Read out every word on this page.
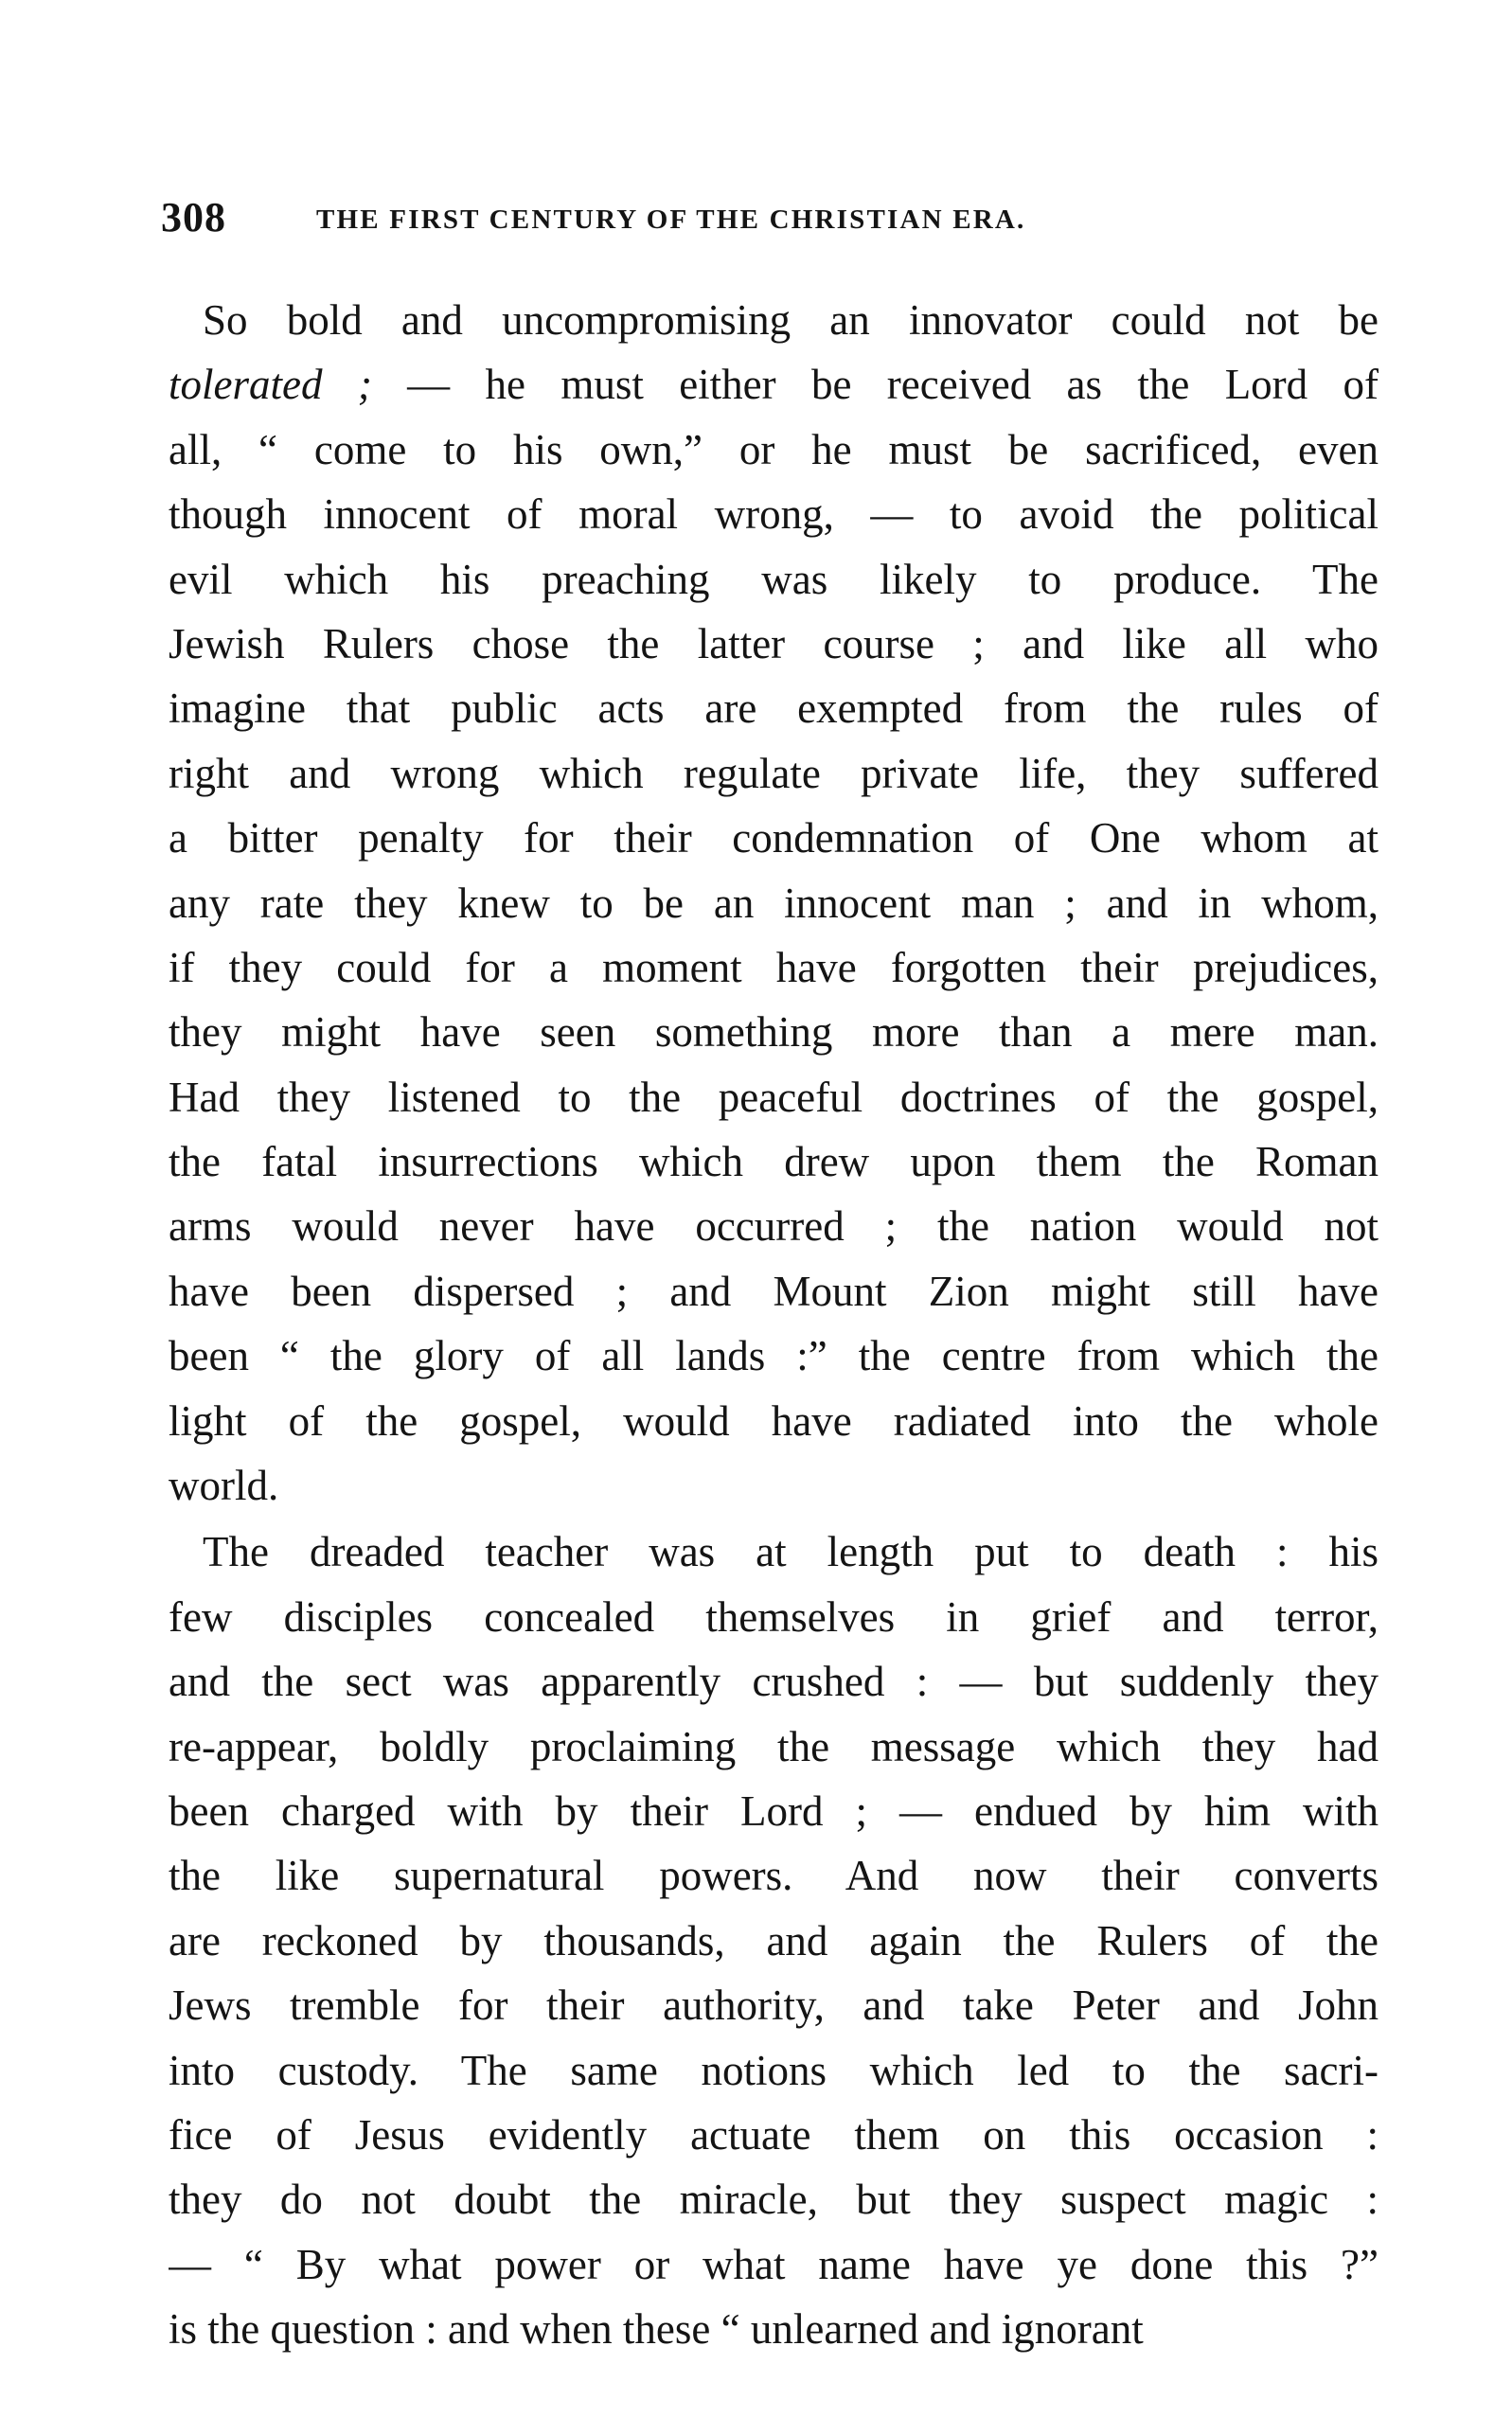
308	THE FIRST CENTURY OF THE CHRISTIAN ERA.
So bold and uncompromising an innovator could not be
tolerated ; — he must either be received as the Lord of
all, “ come to his own,” or he must be sacrificed, even
though innocent of moral wrong, — to avoid the political
evil which his preaching was likely to produce. The
Jewish Rulers chose the latter course ; and like all who
imagine that public acts are exempted from the rules of
right and wrong which regulate private life, they suffered
a bitter penalty for their condemnation of One whom at
any rate they knew to be an innocent man ; and in whom,
if they could for a moment have forgotten their prejudices,
they might have seen something more than a mere man.
Had they listened to the peaceful doctrines of the gospel,
the fatal insurrections which drew upon them the Roman
arms would never have occurred ; the nation would not
have been dispersed ; and Mount Zion might still have
been “ the glory of all lands :” the centre from which the
light of the gospel, would have radiated into the whole
world.
The dreaded teacher was at length put to death : his
few disciples concealed themselves in grief and terror,
and the sect was apparently crushed : — but suddenly they
re-appear, boldly proclaiming the message which they had
been charged with by their Lord ; — endued by him with
the like supernatural powers. And now their converts
are reckoned by thousands, and again the Rulers of the
Jews tremble for their authority, and take Peter and John
into custody. The same notions which led to the sacri-
fice of Jesus evidently actuate them on this occasion :
they do not doubt the miracle, but they suspect magic :
— “ By what power or what name have ye done this ?”
is the question : and when these “ unlearned and ignorant
